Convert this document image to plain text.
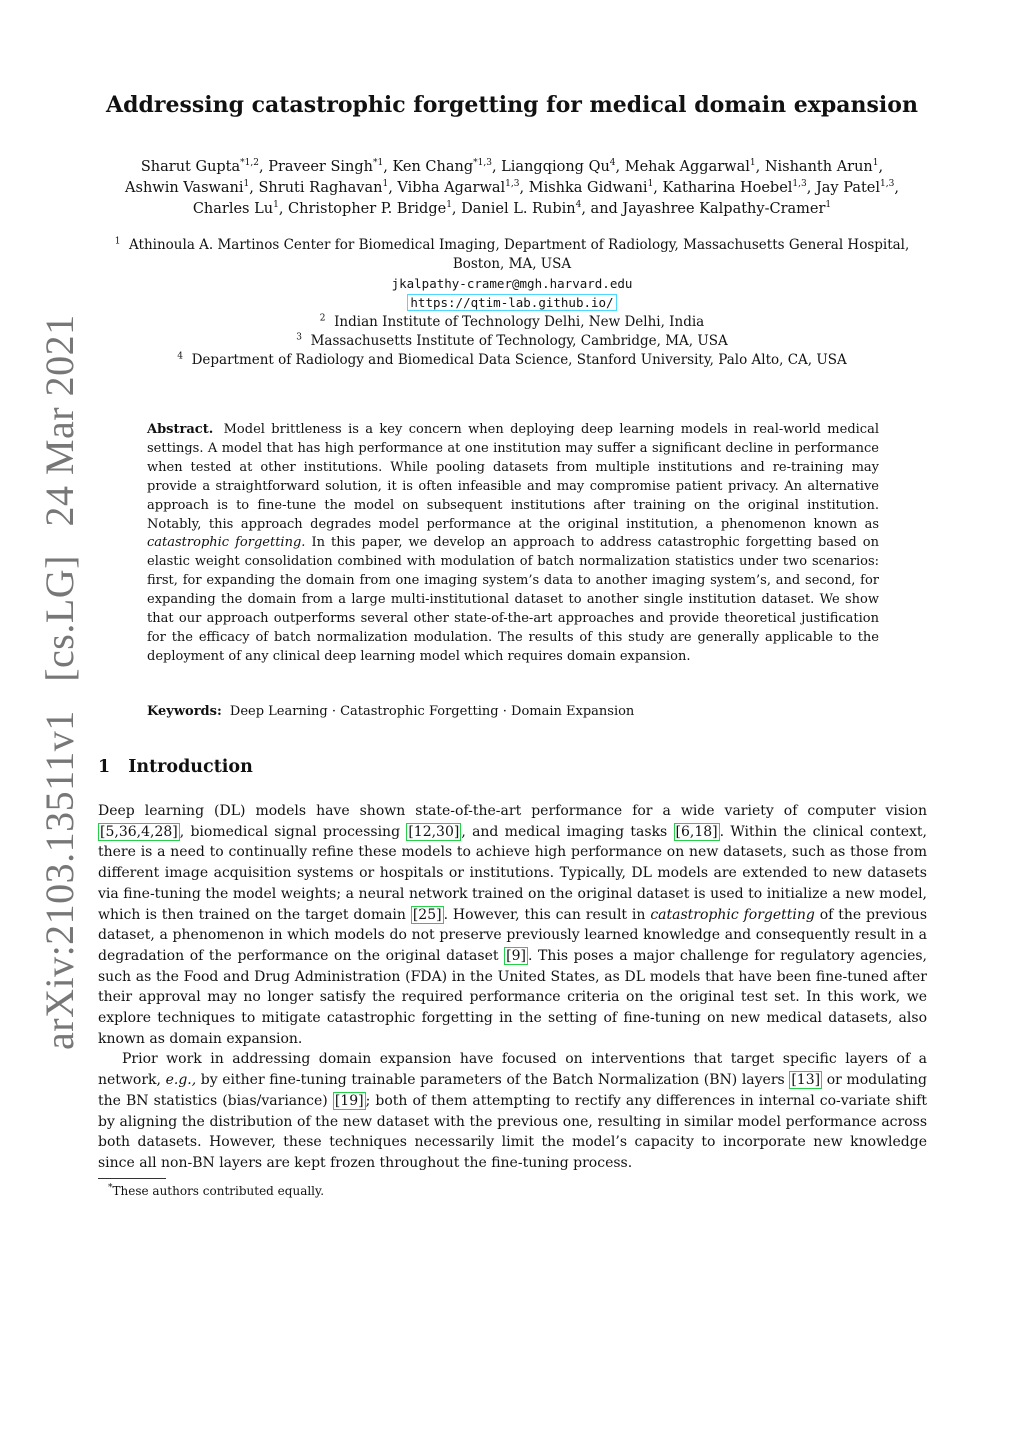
arXiv:2103.13511v1 [cs.LG] 24 Mar 2021
Addressing catastrophic forgetting for medical domain expansion
Sharut Gupta$^{*1,2}$, Praveer Singh$^{*1}$, Ken Chang$^{*1,3}$, Liangqiong Qu$^4$, Mehak Aggarwal$^1$, Nishanth Arun$^1$,
Ashwin Vaswani$^1$, Shruti Raghavan$^1$, Vibha Agarwal$^{1,3}$, Mishka Gidwani$^1$, Katharina Hoebel$^{1,3}$, Jay Patel$^{1,3}$,
Charles Lu$^1$, Christopher P. Bridge$^1$, Daniel L. Rubin$^4$, and Jayashree Kalpathy-Cramer$^1$
$^1$ Athinoula A. Martinos Center for Biomedical Imaging, Department of Radiology, Massachusetts General Hospital,
Boston, MA, USA
jkalpathy-cramer@mgh.harvard.edu
https://qtim-lab.github.io/
$^2$ Indian Institute of Technology Delhi, New Delhi, India
$^3$ Massachusetts Institute of Technology, Cambridge, MA, USA
$^4$ Department of Radiology and Biomedical Data Science, Stanford University, Palo Alto, CA, USA
Abstract. Model brittleness is a key concern when deploying deep learning models in real-world medical settings. A model that has high performance at one institution may suffer a significant decline in performance when tested at other institutions. While pooling datasets from multiple institutions and re-training may provide a straightforward solution, it is often infeasible and may compromise patient privacy. An alternative approach is to fine-tune the model on subsequent institutions after training on the original institution. Notably, this approach degrades model performance at the original institution, a phenomenon known as catastrophic forgetting. In this paper, we develop an approach to address catastrophic forgetting based on elastic weight consolidation combined with modulation of batch normalization statistics under two scenarios: first, for expanding the domain from one imaging system’s data to another imaging system’s, and second, for expanding the domain from a large multi-institutional dataset to another single institution dataset. We show that our approach outperforms several other state-of-the-art approaches and provide theoretical justification for the efficacy of batch normalization modulation. The results of this study are generally applicable to the deployment of any clinical deep learning model which requires domain expansion.
Keywords: Deep Learning · Catastrophic Forgetting · Domain Expansion
1 Introduction

Deep learning (DL) models have shown state-of-the-art performance for a wide variety of computer vision [5,36,4,28] , biomedical signal processing [12,30] , and medical imaging tasks [6,18] . Within the clinical context, there is a need to continually refine these models to achieve high performance on new datasets, such as those from different image acquisition systems or hospitals or institutions. Typically, DL models are extended to new datasets via fine-tuning the model weights; a neural network trained on the original dataset is used to initialize a new model, which is then trained on the target domain [25] . However, this can result in catastrophic forgetting of the previous dataset, a phenomenon in which models do not preserve previously learned knowledge and consequently result in a degradation of the performance on the original dataset [9] . This poses a major challenge for regulatory agencies, such as the Food and Drug Administration (FDA) in the United States, as DL models that have been fine-tuned after their approval may no longer satisfy the required performance criteria on the original test set. In this work, we explore techniques to mitigate catastrophic forgetting in the setting of fine-tuning on new medical datasets, also known as domain expansion.

Prior work in addressing domain expansion have focused on interventions that target specific layers of a network, e.g., by either fine-tuning trainable parameters of the Batch Normalization (BN) layers [13] or modulating the BN statistics (bias/variance) [19] ; both of them attempting to rectify any differences in internal co-variate shift by aligning the distribution of the new dataset with the previous one, resulting in similar model performance across both datasets. However, these techniques necessarily limit the model’s capacity to incorporate new knowledge since all non-BN layers are kept frozen throughout the fine-tuning process.

*These authors contributed equally.
